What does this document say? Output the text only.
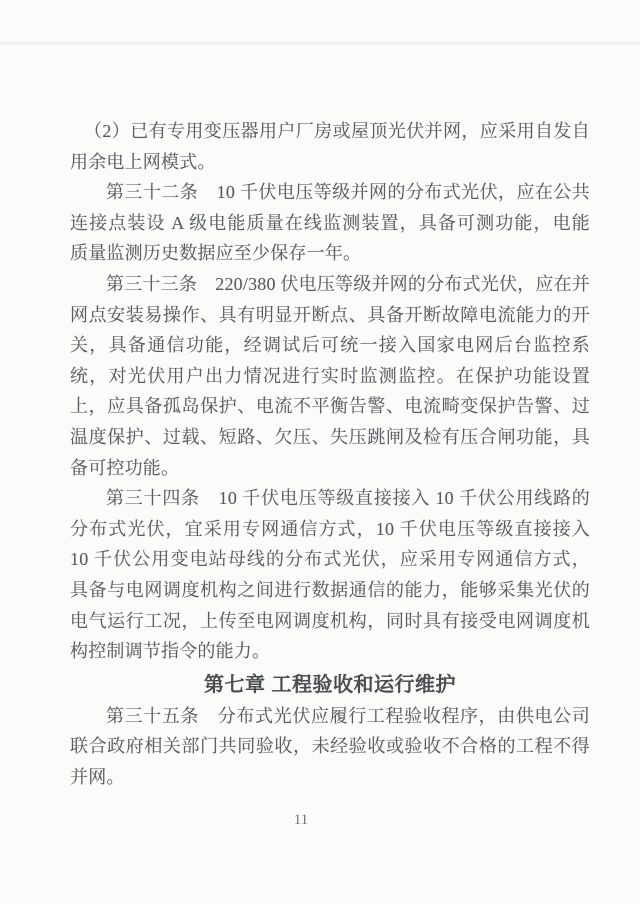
（2）已有专用变压器用户厂房或屋顶光伏并网，应采用自发自
用余电上网模式。
第三十二条　10 千伏电压等级并网的分布式光伏，应在公共
连接点装设 A 级电能质量在线监测装置，具备可测功能，电能
质量监测历史数据应至少保存一年。
第三十三条　220/380 伏电压等级并网的分布式光伏，应在并
网点安装易操作、具有明显开断点、具备开断故障电流能力的开
关，具备通信功能，经调试后可统一接入国家电网后台监控系
统，对光伏用户出力情况进行实时监测监控。在保护功能设置
上，应具备孤岛保护、电流不平衡告警、电流畸变保护告警、过
温度保护、过载、短路、欠压、失压跳闸及检有压合闸功能，具
备可控功能。
第三十四条　10 千伏电压等级直接接入 10 千伏公用线路的
分布式光伏，宜采用专网通信方式，10 千伏电压等级直接接入
10 千伏公用变电站母线的分布式光伏，应采用专网通信方式，
具备与电网调度机构之间进行数据通信的能力，能够采集光伏的
电气运行工况，上传至电网调度机构，同时具有接受电网调度机
构控制调节指令的能力。
第七章 工程验收和运行维护
第三十五条　分布式光伏应履行工程验收程序，由供电公司
联合政府相关部门共同验收，未经验收或验收不合格的工程不得
并网。
11
